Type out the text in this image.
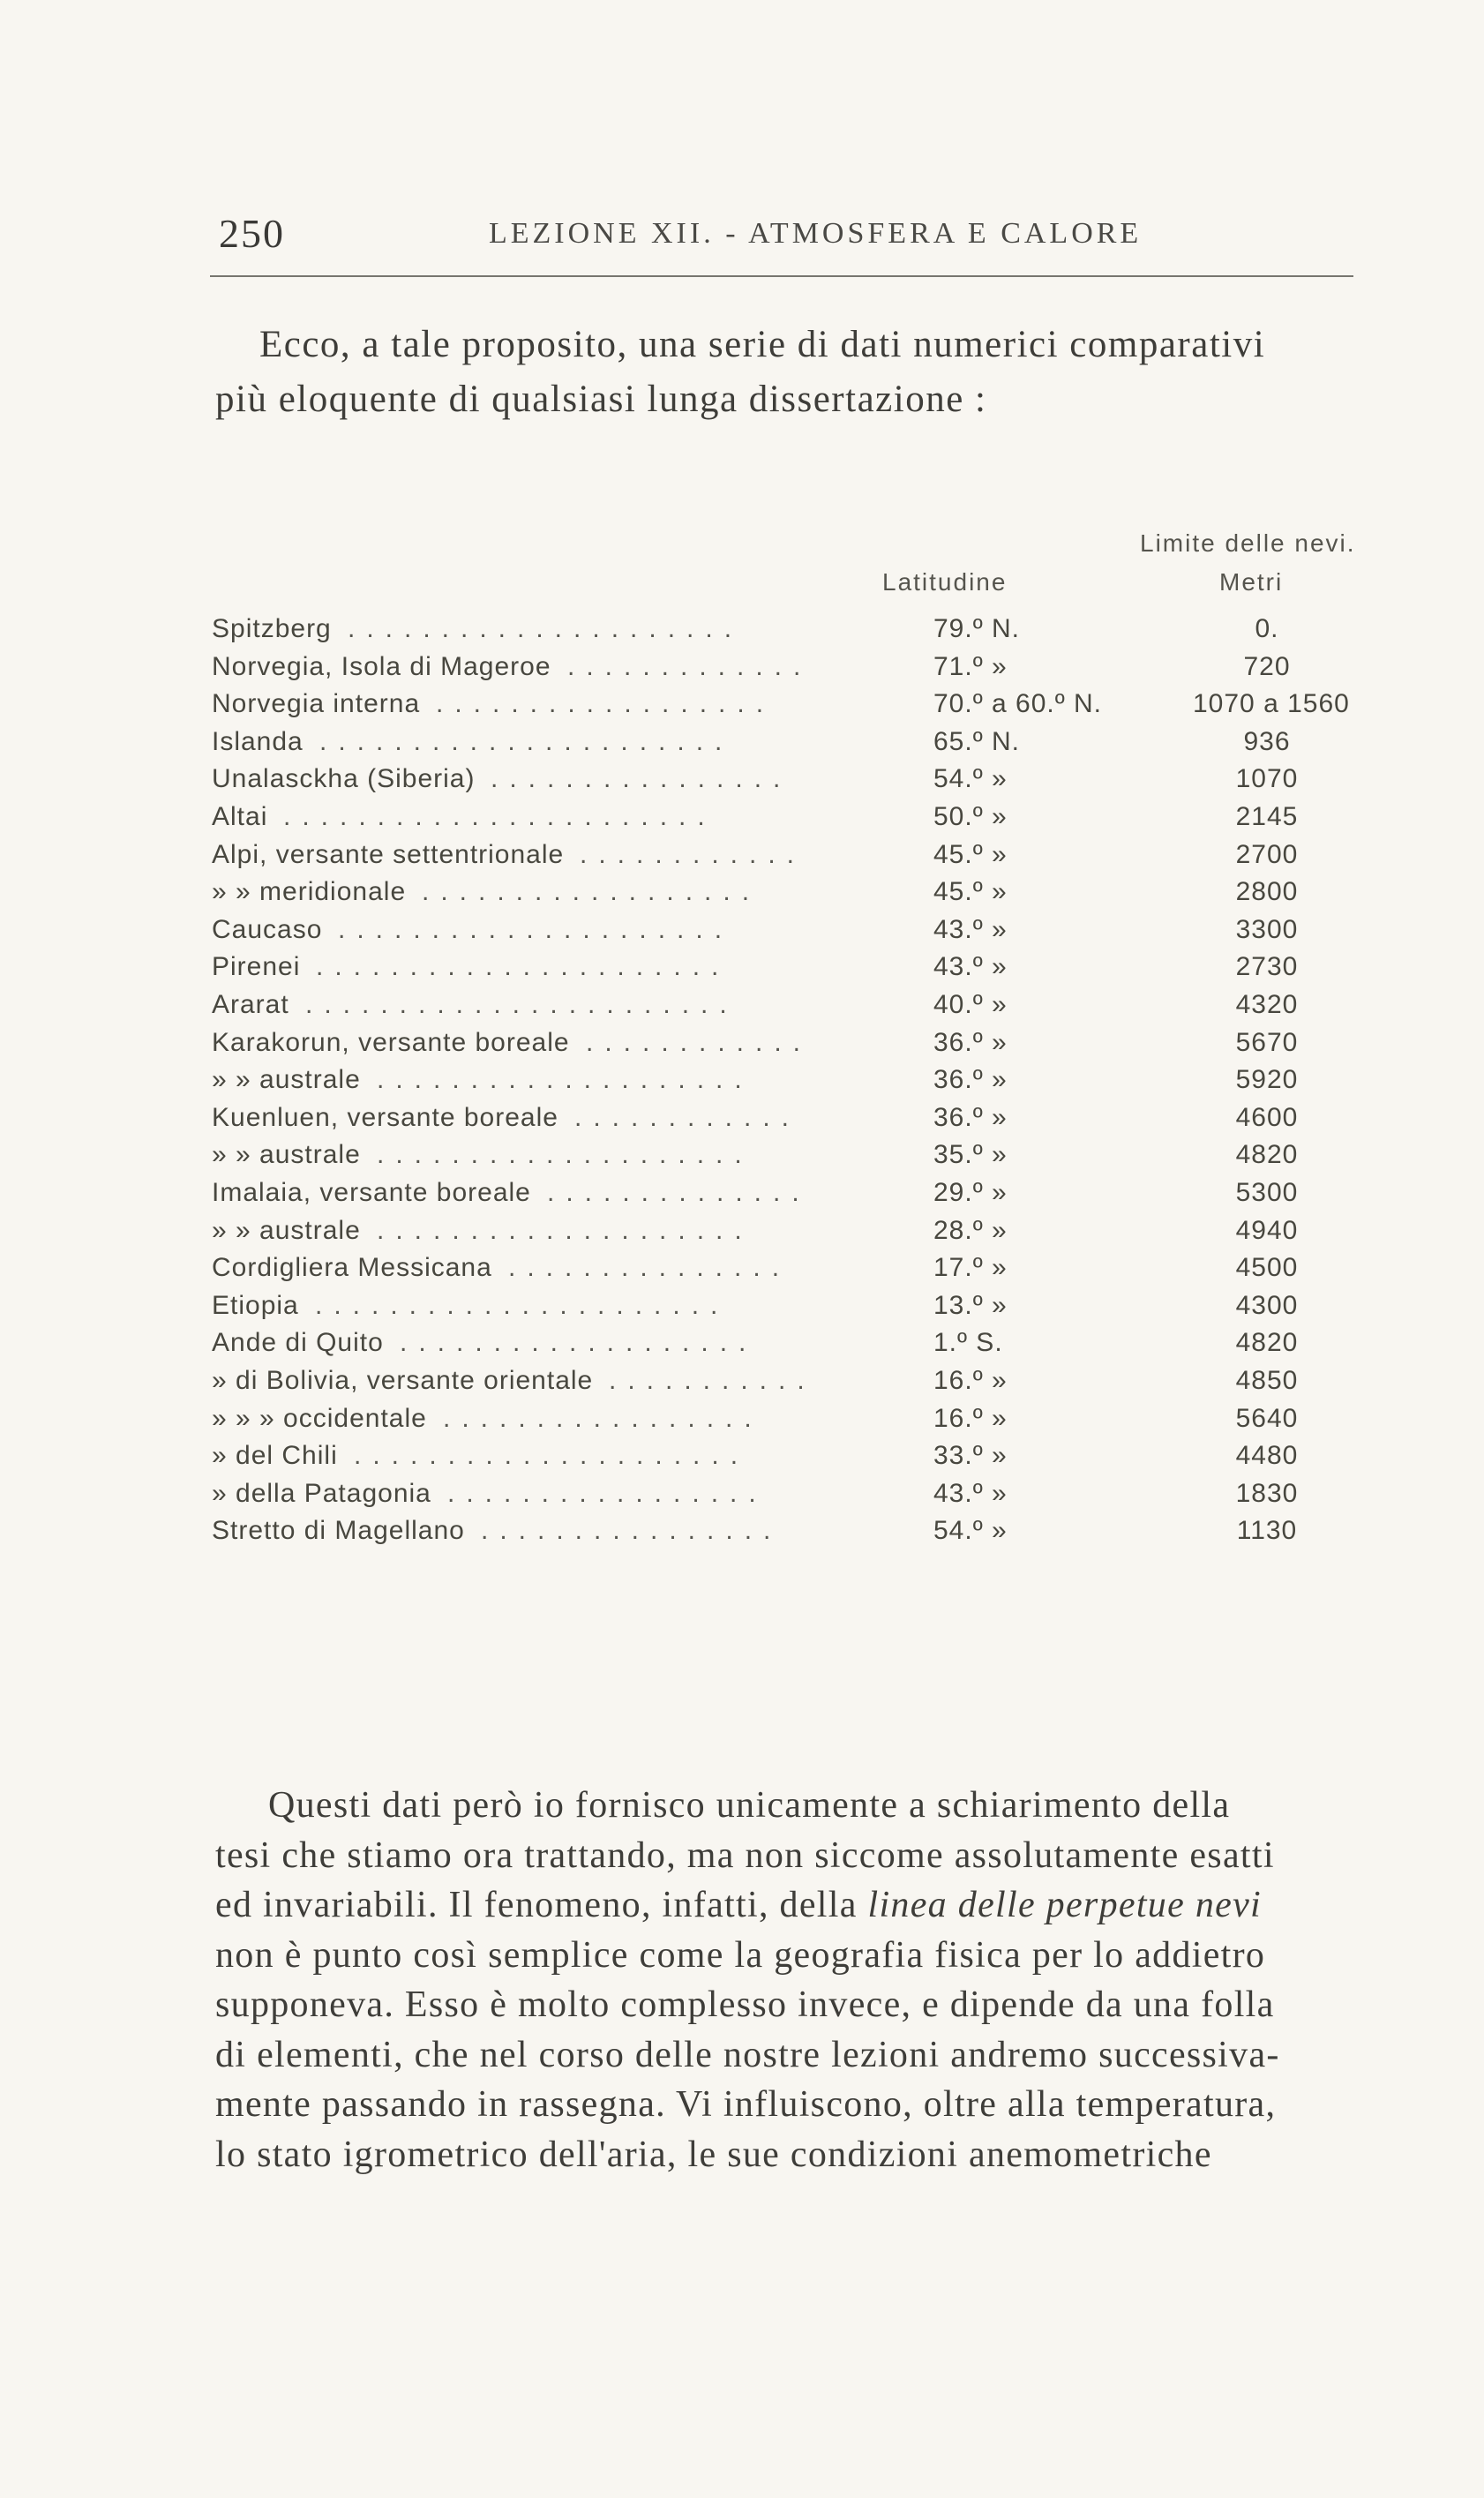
250	LEZIONE XII. - ATMOSFERA E CALORE
Ecco, a tale proposito, una serie di dati numerici comparativi
più eloquente di qualsiasi lunga dissertazione :
Limite delle nevi.
Latitudine	Metri
Spitzberg .....................	79.º N.	0.
Norvegia, Isola di Mageroe .............	71.º »	720
Norvegia interna ..................	70.º a 60.º N.	1070 a 1560
Islanda ......................	65.º N.	936
Unalasckha (Siberia) ................	54.º »	1070
Altai .......................	50.º »	2145
Alpi, versante settentrionale ............	45.º »	2700
» » meridionale ..................	45.º »	2800
Caucaso .....................	43.º »	3300
Pirenei ......................	43.º »	2730
Ararat .......................	40.º »	4320
Karakorun, versante boreale ............	36.º »	5670
» » australe ....................	36.º »	5920
Kuenluen, versante boreale ............	36.º »	4600
» » australe ....................	35.º »	4820
Imalaia, versante boreale ..............	29.º »	5300
» » australe ....................	28.º »	4940
Cordigliera Messicana ...............	17.º »	4500
Etiopia ......................	13.º »	4300
Ande di Quito ...................	1.º S.	4820
» di Bolivia, versante orientale ...........	16.º »	4850
» » » occidentale .................	16.º »	5640
» del Chili .....................	33.º »	4480
» della Patagonia .................	43.º »	1830
Stretto di Magellano ................	54.º »	1130
Questi dati però io fornisco unicamente a schiarimento della
tesi che stiamo ora trattando, ma non siccome assolutamente esatti
ed invariabili. Il fenomeno, infatti, della linea delle perpetue nevi
non è punto così semplice come la geografia fisica per lo addietro
supponeva. Esso è molto complesso invece, e dipende da una folla
di elementi, che nel corso delle nostre lezioni andremo successiva-
mente passando in rassegna. Vi influiscono, oltre alla temperatura,
lo stato igrometrico dell'aria, le sue condizioni anemometriche
